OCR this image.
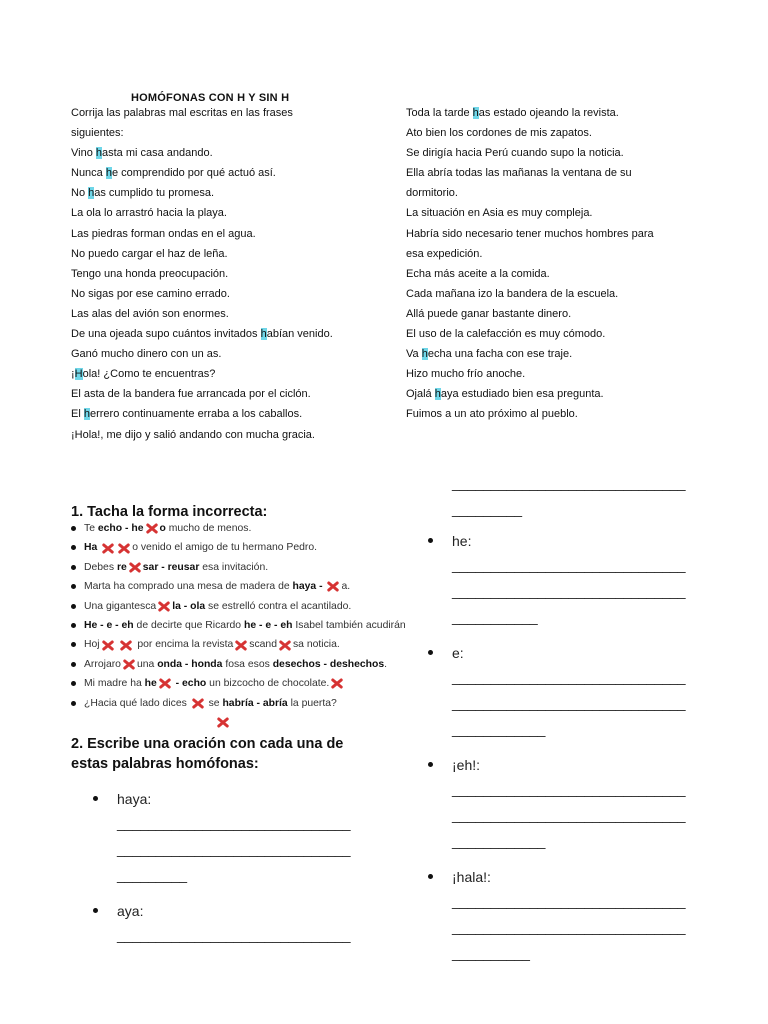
HOMÓFONAS CON H Y SIN H
Corrija las palabras mal escritas en las frases
siguientes:
Vino hasta mi casa andando.
Nunca he comprendido por qué actuó así.
No has cumplido tu promesa.
La ola lo arrastró hacia la playa.
Las piedras forman ondas en el agua.
No puedo cargar el haz de leña.
Tengo una honda preocupación.
No sigas por ese camino errado.
Las alas del avión son enormes.
De una ojeada supo cuántos invitados habían venido.
Ganó mucho dinero con un as.
¡Hola! ¿Como te encuentras?
El asta de la bandera fue arrancada por el ciclón.
El herrero continuamente erraba a los caballos.
¡Hola!, me dijo y salió andando con mucha gracia.
Toda la tarde has estado ojeando la revista.
Ato bien los cordones de mis zapatos.
Se dirigía hacia Perú cuando supo la noticia.
Ella abría todas las mañanas la ventana de su
dormitorio.
La situación en Asia es muy compleja.
Habría sido necesario tener muchos hombres para
esa expedición.
Echa más aceite a la comida.
Cada mañana izo la bandera de la escuela.
Allá puede ganar bastante dinero.
El uso de la calefacción es muy cómodo.
Va hecha una facha con ese traje.
Hizo mucho frío anoche.
Ojalá haya estudiado bien esa pregunta.
Fuimos a un ato próximo al pueblo.
1. Tacha la forma incorrecta:
Te echo - he o mucho de menos.
Ha	o venido el amigo de tu hermano Pedro.
Debes re sar - reusar esa invitación.
Marta ha comprado una mesa de madera de haya - a.
Una gigantesca la - ola se estrelló contra el acantilado.
He - e - eh de decirte que Ricardo he - e - eh Isabel también acudirán
Hoj	por encima la revista scand sa noticia.
Arrojaro una onda - honda fosa esos desechos - deshechos.
Mi madre ha he - echo un bizcocho de chocolate.
¿Hacia qué lado dices  se habría - abría la puerta?
2. Escribe una oración con cada una de estas palabras homófonas:
haya:
______________________________
______________________________
_________
aya:
______________________________
______________________________
_________
he:
______________________________
______________________________
___________
e:
______________________________
______________________________
____________
¡eh!:
______________________________
______________________________
____________
¡hala!:
______________________________
______________________________
__________
